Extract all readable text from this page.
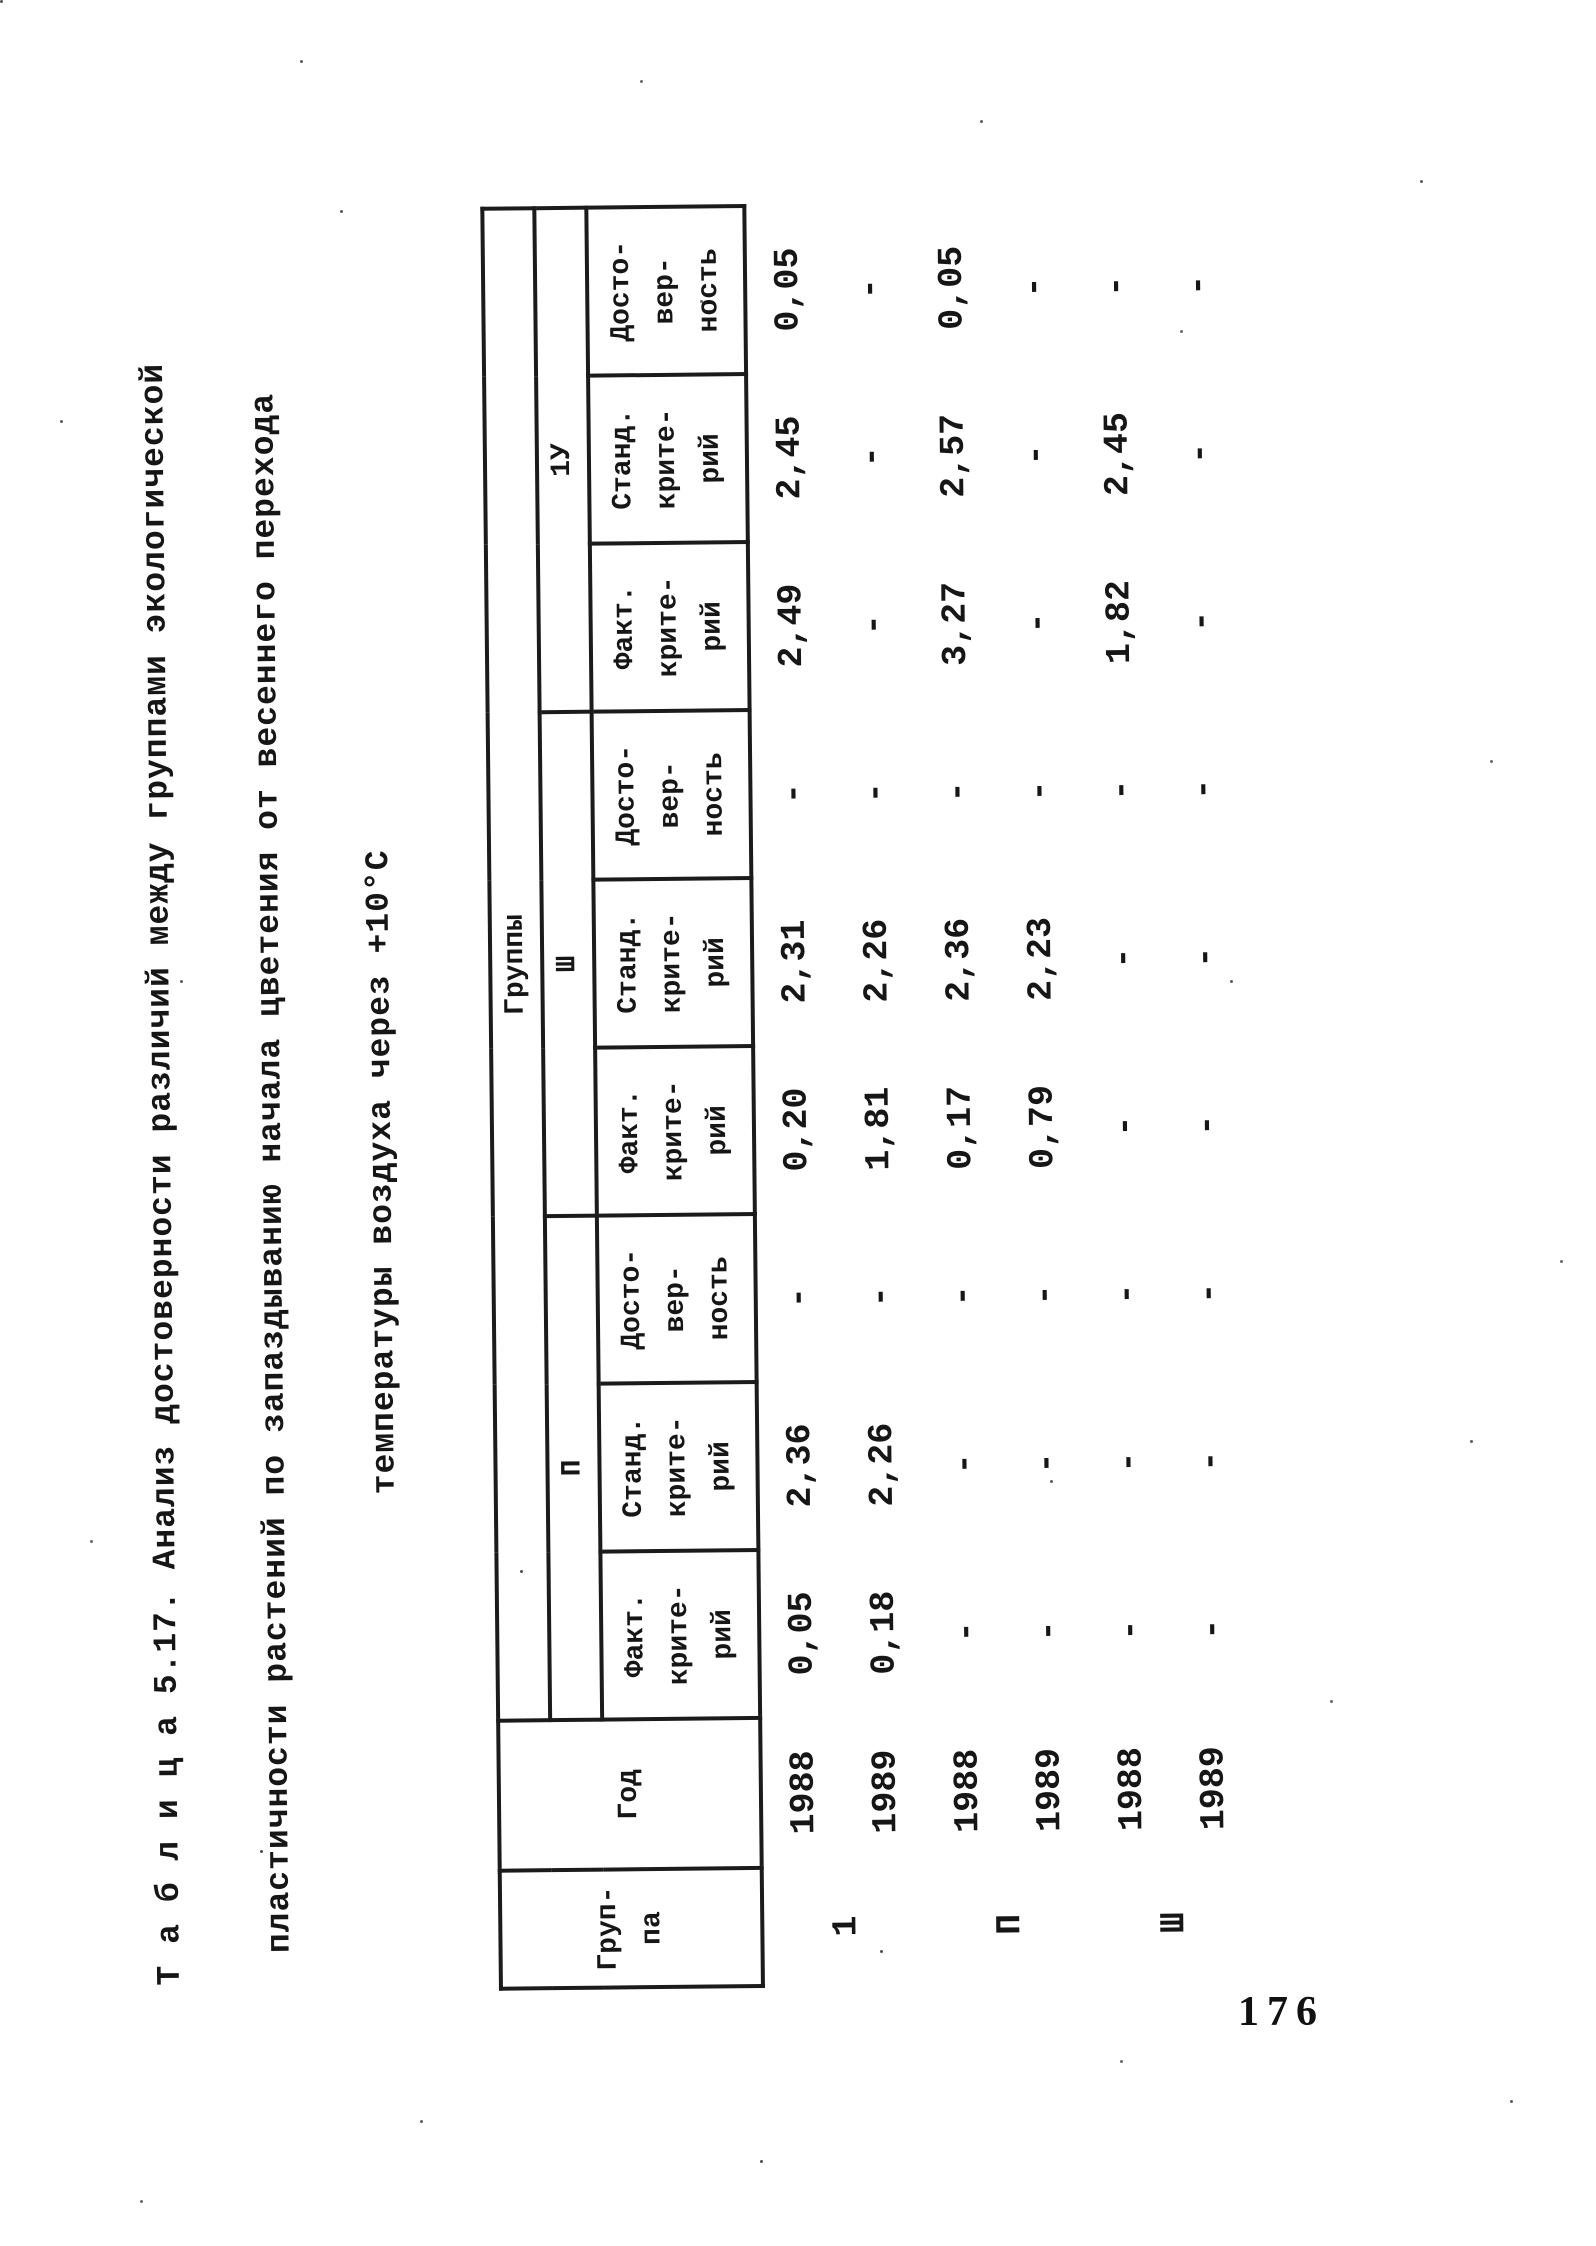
Т а б л и ц а 5.17. Анализ достоверности различий между группами экологической	пластичности растений по запаздыванию начала цветения от весеннего перехода	температуры воздуха через +10°С

Груп-
па	Год	Группы								
		П			Ш			1У		
		Факт.
крите-
рий	Станд.
крите-
рий	Досто-
вер-
ность	Факт.
крите-
рий	Станд.
крите-
рий	Досто-
вер-
ность	Факт.
крите-
рий	Станд.
крите-
рий	Досто-
вер-
ность
1	1988	0,05	2,36	-	0,20	2,31	-	2,49	2,45	0,05
	1989	0,18	2,26	-	1,81	2,26	-	-	-	-
П	1988	-	-	-	0,17	2,36	-	3,27	2,57	0,05
	1989	-	-	-	0,79	2,23	-	-	-	-
Ш	1988	-	-	-	-	-	-	1,82	2,45	-
	1989	-	-	-	-	-	-	-	-	-
176
